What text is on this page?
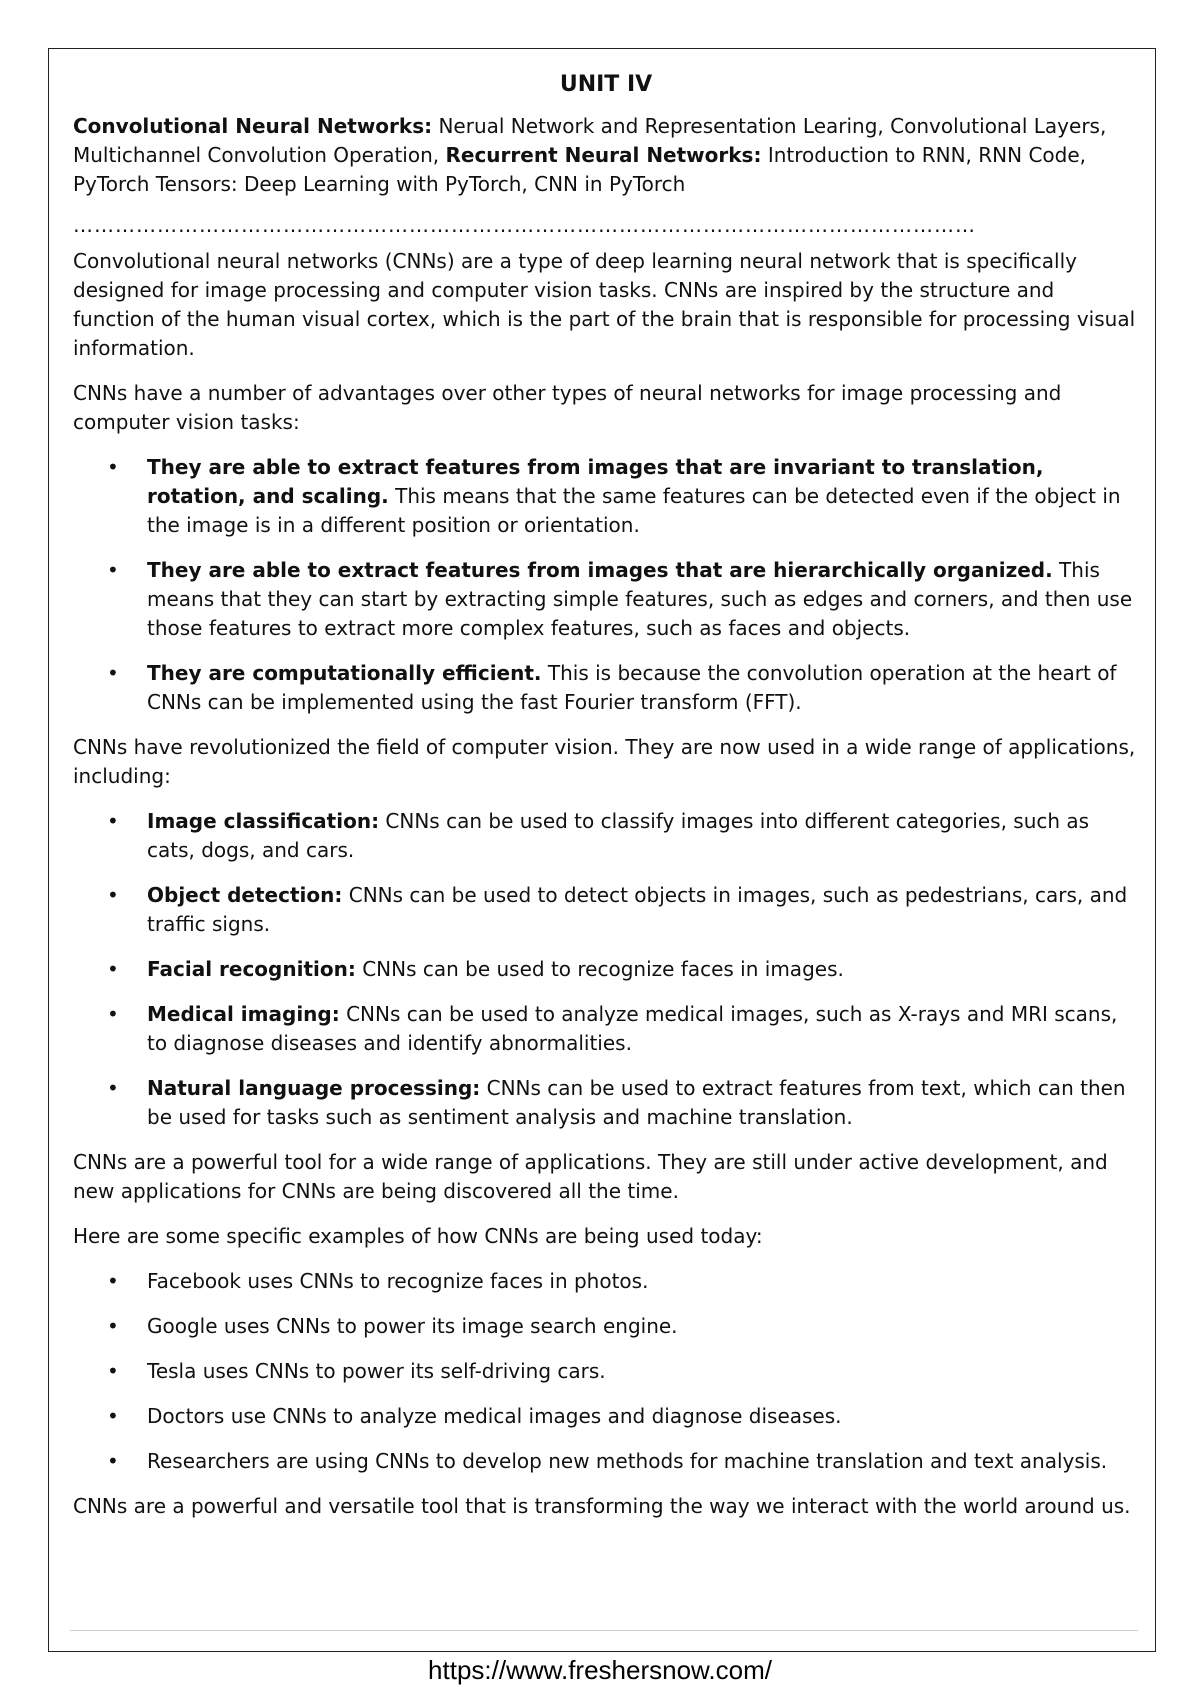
UNIT IV

Convolutional Neural Networks: Nerual Network and Representation Learing, Convolutional Layers, Multichannel Convolution Operation, Recurrent Neural Networks: Introduction to RNN, RNN Code, PyTorch Tensors: Deep Learning with PyTorch, CNN in PyTorch

…………………………………………………………………………………………………………………

Convolutional neural networks (CNNs) are a type of deep learning neural network that is specifically designed for image processing and computer vision tasks. CNNs are inspired by the structure and function of the human visual cortex, which is the part of the brain that is responsible for processing visual information.

CNNs have a number of advantages over other types of neural networks for image processing and computer vision tasks:

• They are able to extract features from images that are invariant to translation, rotation, and scaling. This means that the same features can be detected even if the object in the image is in a different position or orientation.
• They are able to extract features from images that are hierarchically organized. This means that they can start by extracting simple features, such as edges and corners, and then use those features to extract more complex features, such as faces and objects.
• They are computationally efficient. This is because the convolution operation at the heart of CNNs can be implemented using the fast Fourier transform (FFT).

CNNs have revolutionized the field of computer vision. They are now used in a wide range of applications, including:

• Image classification: CNNs can be used to classify images into different categories, such as cats, dogs, and cars.
• Object detection: CNNs can be used to detect objects in images, such as pedestrians, cars, and traffic signs.
• Facial recognition: CNNs can be used to recognize faces in images.
• Medical imaging: CNNs can be used to analyze medical images, such as X-rays and MRI scans, to diagnose diseases and identify abnormalities.
• Natural language processing: CNNs can be used to extract features from text, which can then be used for tasks such as sentiment analysis and machine translation.

CNNs are a powerful tool for a wide range of applications. They are still under active development, and new applications for CNNs are being discovered all the time.

Here are some specific examples of how CNNs are being used today:

• Facebook uses CNNs to recognize faces in photos.
• Google uses CNNs to power its image search engine.
• Tesla uses CNNs to power its self-driving cars.
• Doctors use CNNs to analyze medical images and diagnose diseases.
• Researchers are using CNNs to develop new methods for machine translation and text analysis.

CNNs are a powerful and versatile tool that is transforming the way we interact with the world around us.

https://www.freshersnow.com/
